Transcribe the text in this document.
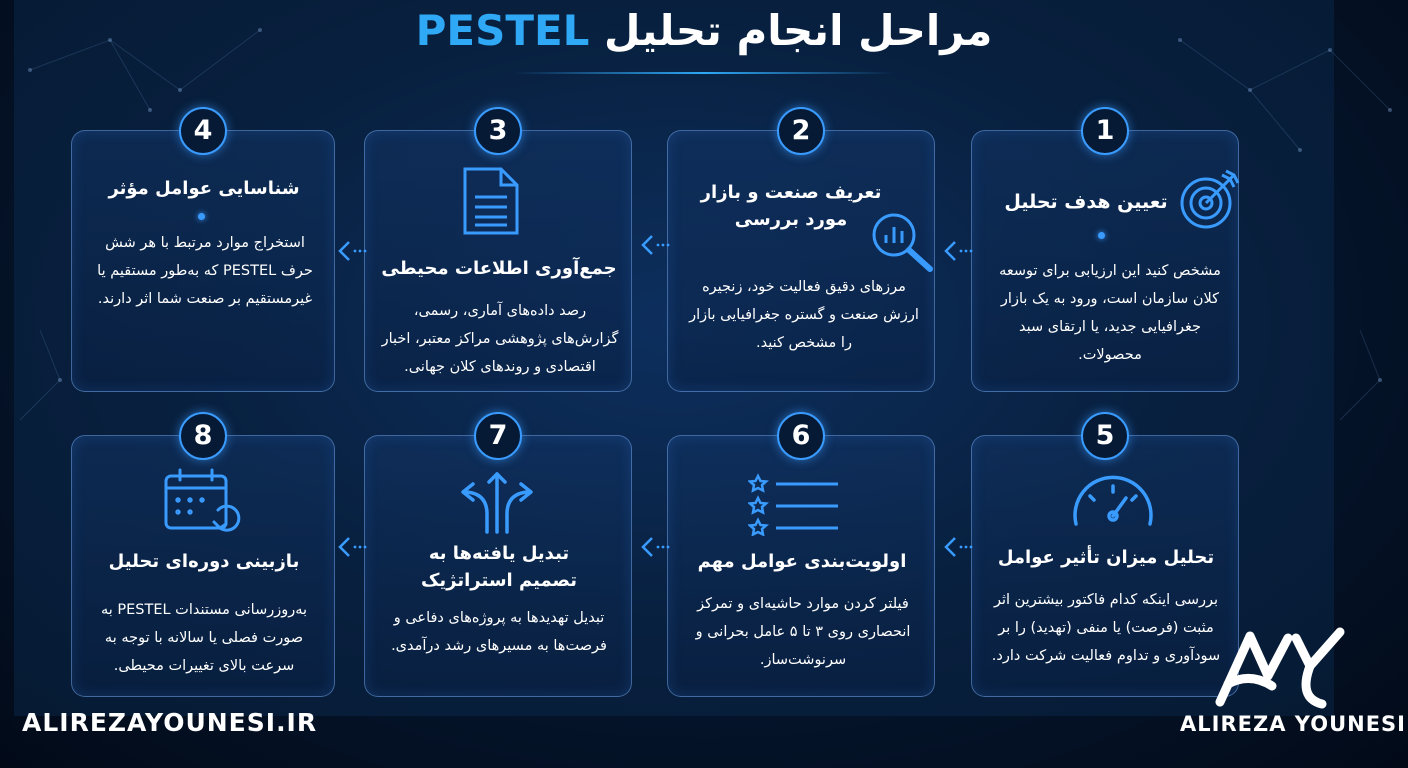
مراحل انجام تحلیل PESTEL
1
تعیین هدف تحلیل
مشخص کنید این ارزیابی برای توسعه کلان سازمان است، ورود به یک بازار جغرافیایی جدید، یا ارتقای سبد محصولات.
2
تعریف صنعت و بازار مورد بررسی
مرزهای دقیق فعالیت خود، زنجیره ارزش صنعت و گستره جغرافیایی بازار را مشخص کنید.
3
جمع‌آوری اطلاعات محیطی
رصد داده‌های آماری، رسمی، گزارش‌های پژوهشی مراکز معتبر، اخبار اقتصادی و روندهای کلان جهانی.
4
شناسایی عوامل مؤثر
استخراج موارد مرتبط با هر شش حرف PESTEL که به‌طور مستقیم یا غیرمستقیم بر صنعت شما اثر دارند.
5
تحلیل میزان تأثیر عوامل
بررسی اینکه کدام فاکتور بیشترین اثر مثبت (فرصت) یا منفی (تهدید) را بر سودآوری و تداوم فعالیت شرکت دارد.
6
اولویت‌بندی عوامل مهم
فیلتر کردن موارد حاشیه‌ای و تمرکز انحصاری روی ۳ تا ۵ عامل بحرانی و سرنوشت‌ساز.
7
تبدیل یافته‌ها به تصمیم استراتژیک
تبدیل تهدیدها به پروژه‌های دفاعی و فرصت‌ها به مسیرهای رشد درآمدی.
8
بازبینی دوره‌ای تحلیل
به‌روزرسانی مستندات PESTEL به صورت فصلی یا سالانه با توجه به سرعت بالای تغییرات محیطی.
ALIREZAYOUNESI.IR	ALIREZA YOUNESI
